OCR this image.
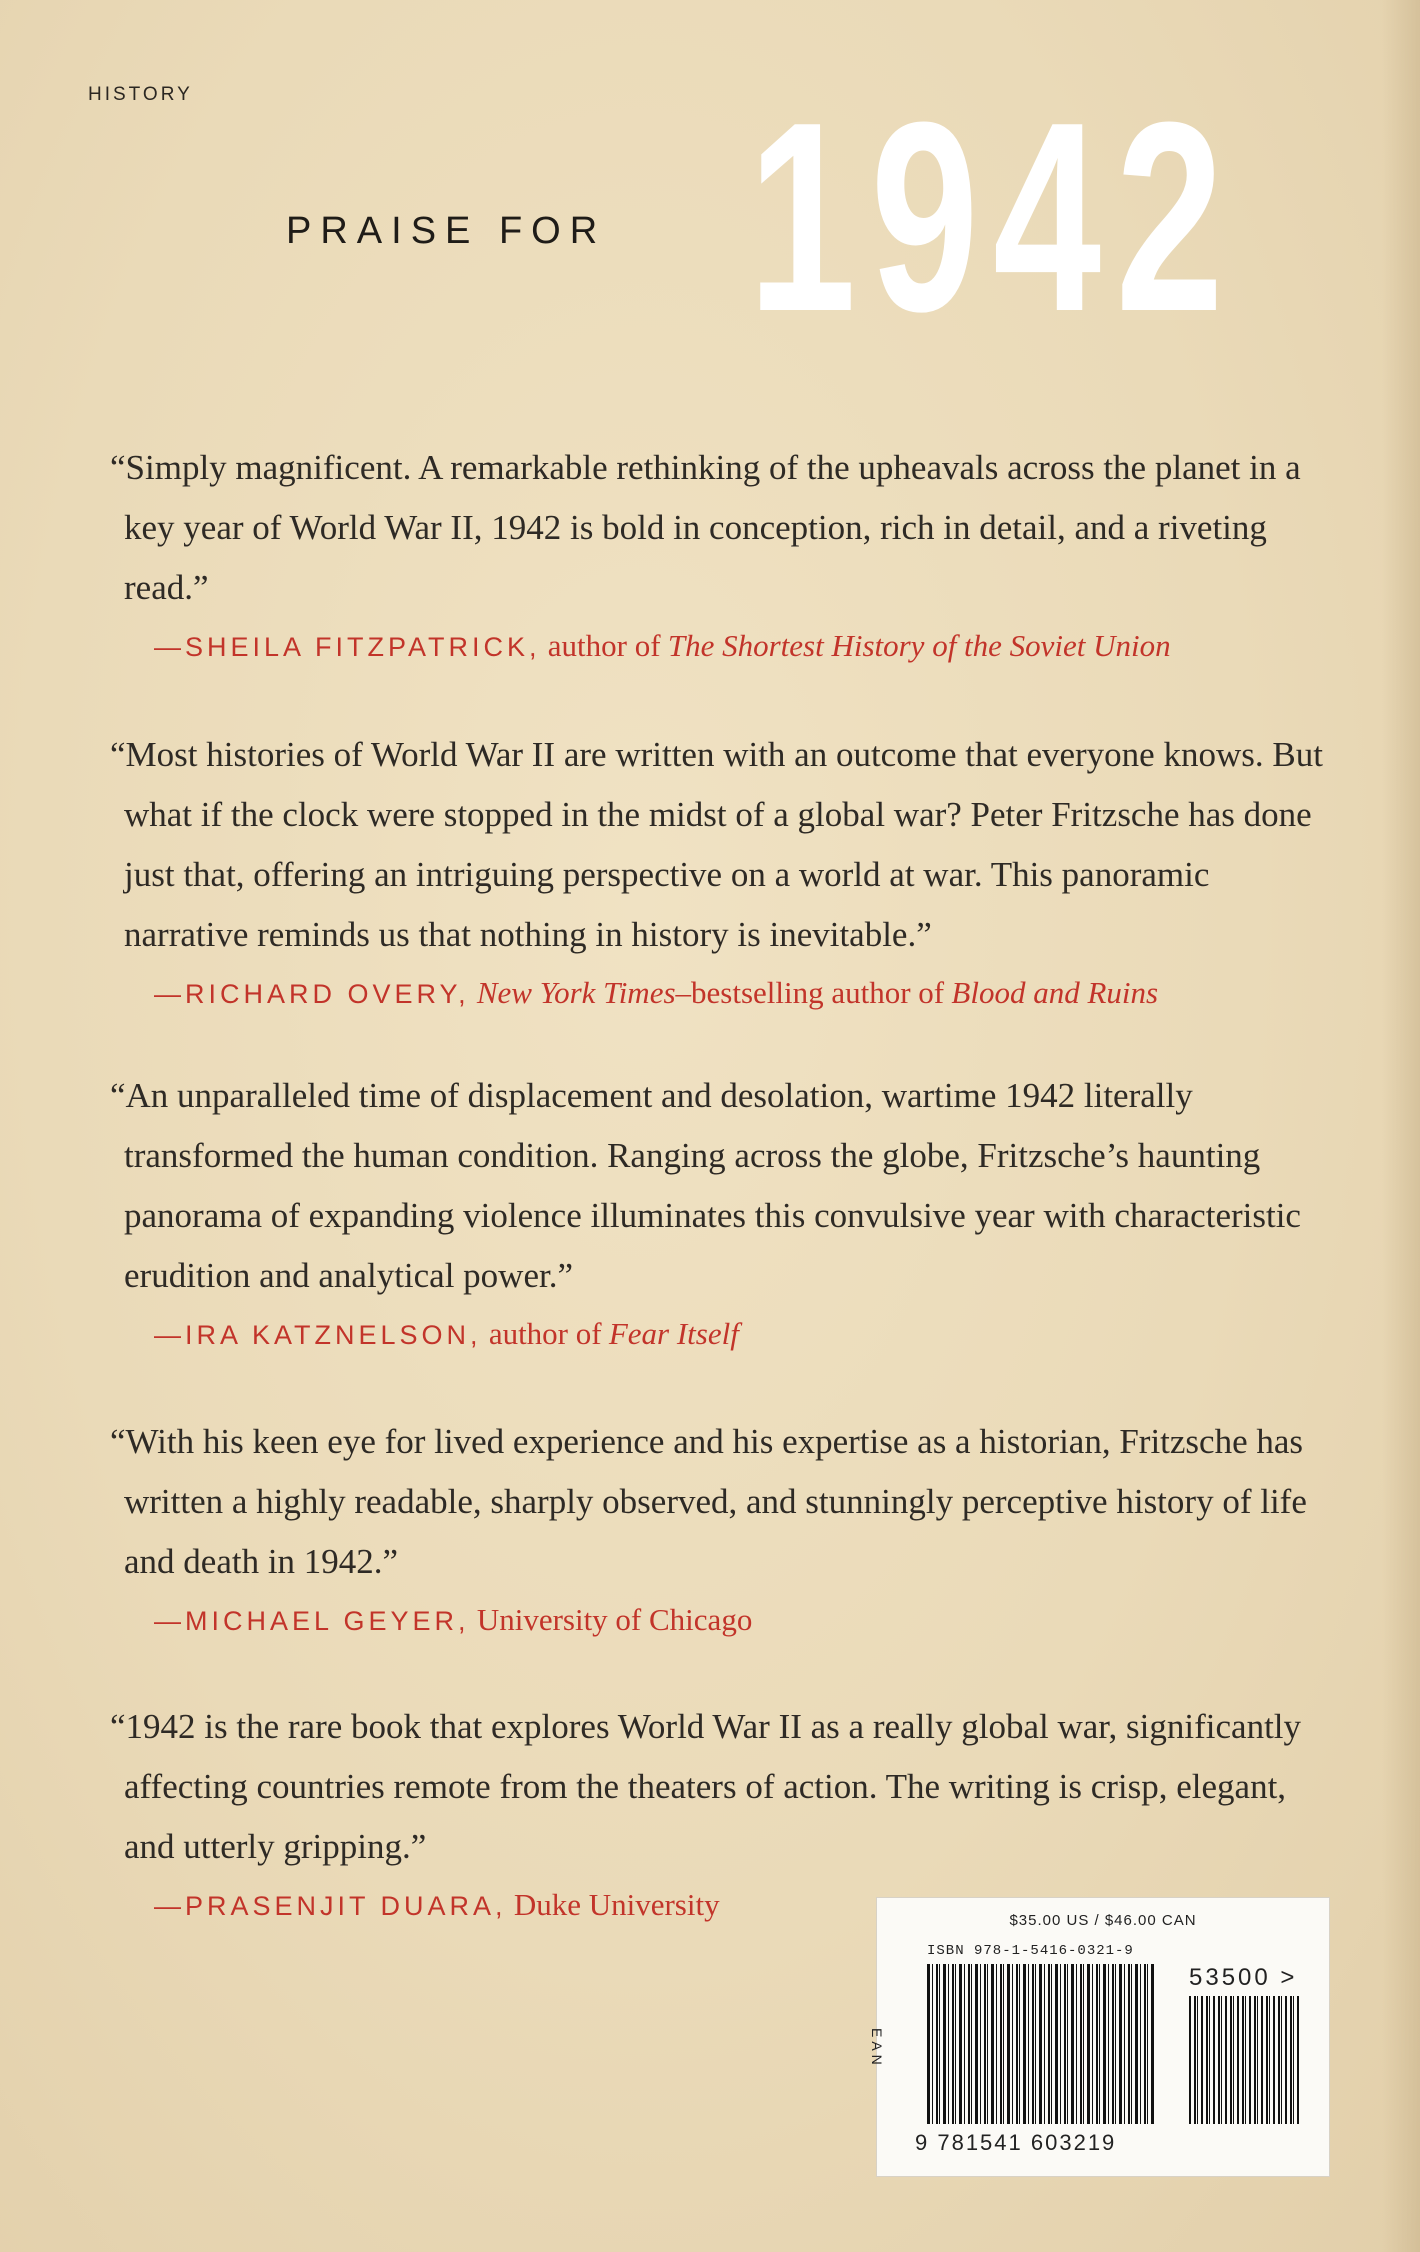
HISTORY
PRAISE FOR 1942

“Simply magnificent. A remarkable rethinking of the upheavals across the planet in a key year of World War II, 1942 is bold in conception, rich in detail, and a riveting read.”

—SHEILA FITZPATRICK, author of The Shortest History of the Soviet Union

“Most histories of World War II are written with an outcome that everyone knows. But what if the clock were stopped in the midst of a global war? Peter Fritzsche has done just that, offering an intriguing perspective on a world at war. This panoramic narrative reminds us that nothing in history is inevitable.”

—RICHARD OVERY, New York Times–bestselling author of Blood and Ruins

“An unparalleled time of displacement and desolation, wartime 1942 literally transformed the human condition. Ranging across the globe, Fritzsche’s haunting panorama of expanding violence illuminates this convulsive year with characteristic erudition and analytical power.”

—IRA KATZNELSON, author of Fear Itself

“With his keen eye for lived experience and his expertise as a historian, Fritzsche has written a highly readable, sharply observed, and stunningly perceptive history of life and death in 1942.”

—MICHAEL GEYER, University of Chicago

“1942 is the rare book that explores World War II as a really global war, significantly affecting countries remote from the theaters of action. The writing is crisp, elegant, and utterly gripping.”

—PRASENJIT DUARA, Duke University	$35.00 US / $46.00 CAN
ISBN 978-1-5416-0321-9
EAN
53500 >
9 781541 603219
